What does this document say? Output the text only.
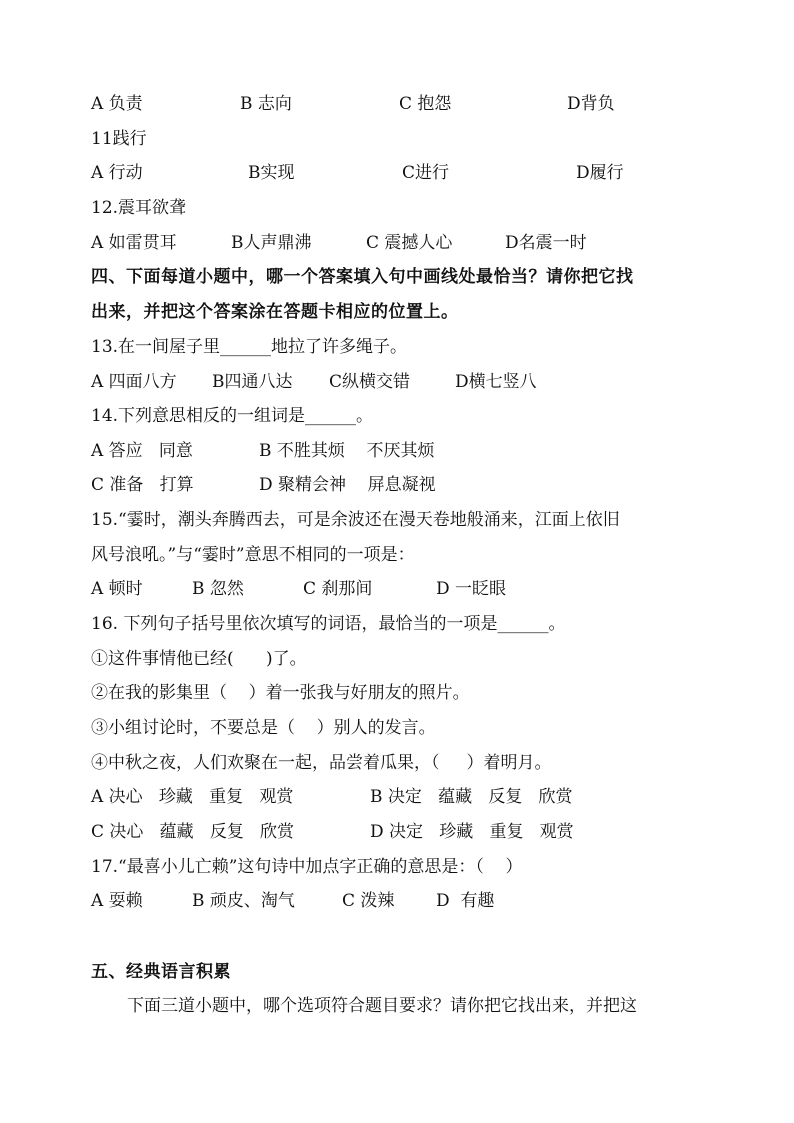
A 负责	B 志向	C 抱怨	D背负
11践行
A 行动	B实现	C进行	D履行
12.震耳欲聋
A 如雷贯耳	B人声鼎沸	C 震撼人心	D名震一时
四、下面每道小题中，哪一个答案填入句中画线处最恰当？请你把它找
出来，并把这个答案涂在答题卡相应的位置上。
13.在一间屋子里______地拉了许多绳子。
A 四面八方 B四通八达 C纵横交错	D横七竖八
14.下列意思相反的一组词是______。
A 答应   同意	B 不胜其烦    不厌其烦
C 准备   打算	D 聚精会神    屏息凝视
15.“霎时，潮头奔腾西去，可是余波还在漫天卷地般涌来，江面上依旧
风号浪吼。”与“霎时”意思不相同的一项是：
A 顿时	B 忽然	C 刹那间	D 一眨眼
16. 下列句子括号里依次填写的词语，最恰当的一项是______。
①这件事情他已经(      )了。
②在我的影集里（    ）着一张我与好朋友的照片。
③小组讨论时，不要总是（    ）别人的发言。
④中秋之夜，人们欢聚在一起，品尝着瓜果，（     ）着明月。
A 决心   珍藏   重复   观赏	B 决定   蕴藏   反复   欣赏
C 决心   蕴藏   反复   欣赏	D 决定   珍藏   重复   观赏
17.“最喜小儿亡赖”这句诗中加点字正确的意思是：（    ）
A 耍赖	B 顽皮、淘气	C 泼辣 D  有趣
五、经典语言积累
下面三道小题中，哪个选项符合题目要求？请你把它找出来，并把这
